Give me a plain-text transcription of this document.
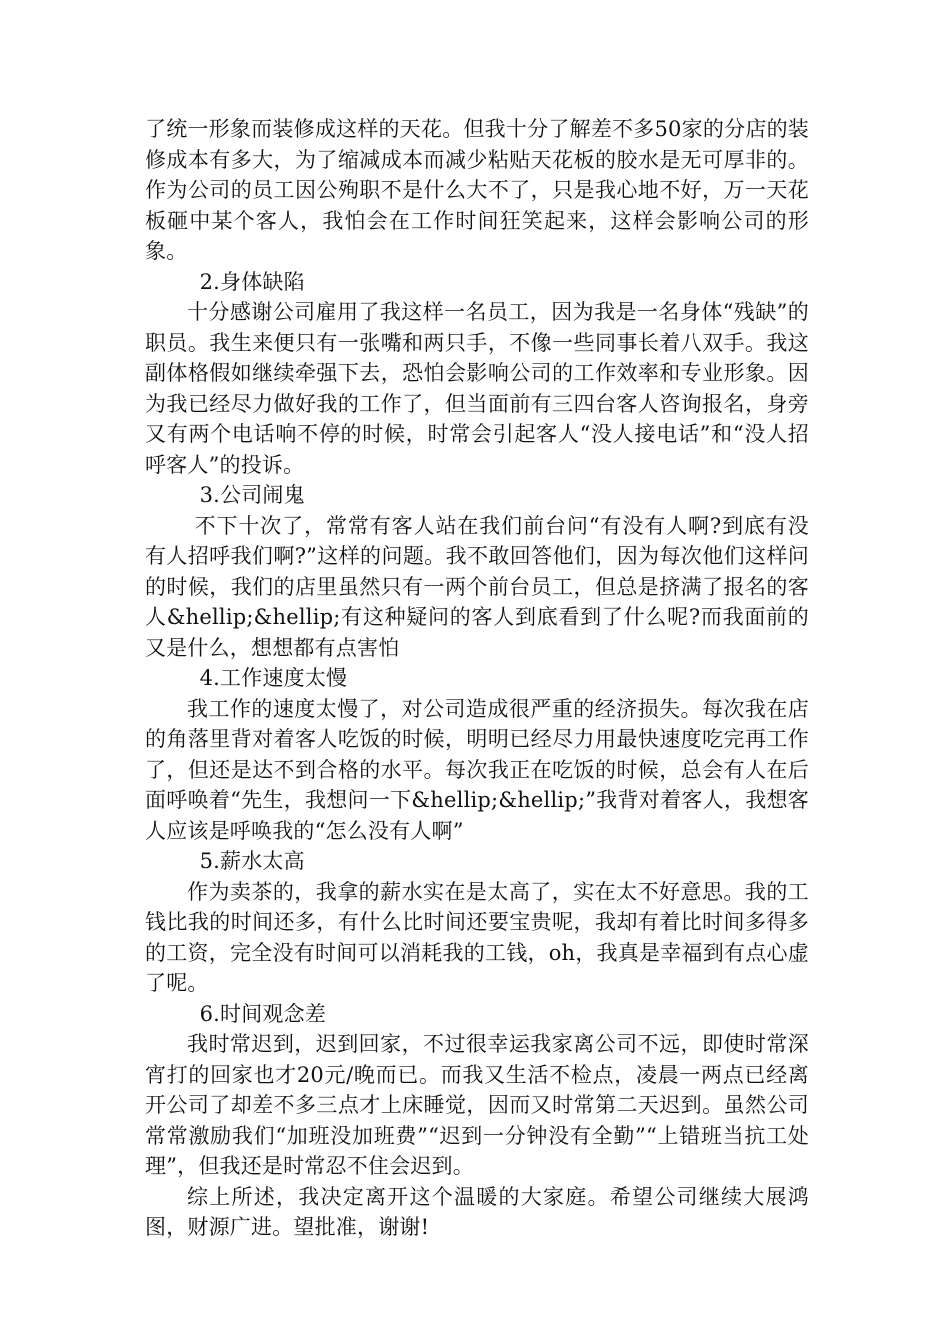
了统一形象而装修成这样的天花。但我十分了解差不多50家的分店的装修成本有多大，为了缩减成本而减少粘贴天花板的胶水是无可厚非的。作为公司的员工因公殉职不是什么大不了，只是我心地不好，万一天花板砸中某个客人，我怕会在工作时间狂笑起来，这样会影响公司的形象。

2.身体缺陷

十分感谢公司雇用了我这样一名员工，因为我是一名身体“残缺”的职员。我生来便只有一张嘴和两只手，不像一些同事长着八双手。我这副体格假如继续牵强下去，恐怕会影响公司的工作效率和专业形象。因为我已经尽力做好我的工作了，但当面前有三四台客人咨询报名，身旁又有两个电话响不停的时候，时常会引起客人“没人接电话”和“没人招呼客人”的投诉。

3.公司闹鬼

不下十次了，常常有客人站在我们前台问“有没有人啊?到底有没有人招呼我们啊?”这样的问题。我不敢回答他们，因为每次他们这样问的时候，我们的店里虽然只有一两个前台员工，但总是挤满了报名的客人&hellip;&hellip;有这种疑问的客人到底看到了什么呢?而我面前的又是什么，想想都有点害怕

4.工作速度太慢

我工作的速度太慢了，对公司造成很严重的经济损失。每次我在店的角落里背对着客人吃饭的时候，明明已经尽力用最快速度吃完再工作了，但还是达不到合格的水平。每次我正在吃饭的时候，总会有人在后面呼唤着“先生，我想问一下&hellip;&hellip;”我背对着客人，我想客人应该是呼唤我的“怎么没有人啊”

5.薪水太高

作为卖茶的，我拿的薪水实在是太高了，实在太不好意思。我的工钱比我的时间还多，有什么比时间还要宝贵呢，我却有着比时间多得多的工资，完全没有时间可以消耗我的工钱，oh，我真是幸福到有点心虚了呢。

6.时间观念差

我时常迟到，迟到回家，不过很幸运我家离公司不远，即使时常深宵打的回家也才20元/晚而已。而我又生活不检点，凌晨一两点已经离开公司了却差不多三点才上床睡觉，因而又时常第二天迟到。虽然公司常常激励我们“加班没加班费”“迟到一分钟没有全勤”“上错班当抗工处理”，但我还是时常忍不住会迟到。

综上所述，我决定离开这个温暖的大家庭。希望公司继续大展鸿图，财源广进。望批准，谢谢!
